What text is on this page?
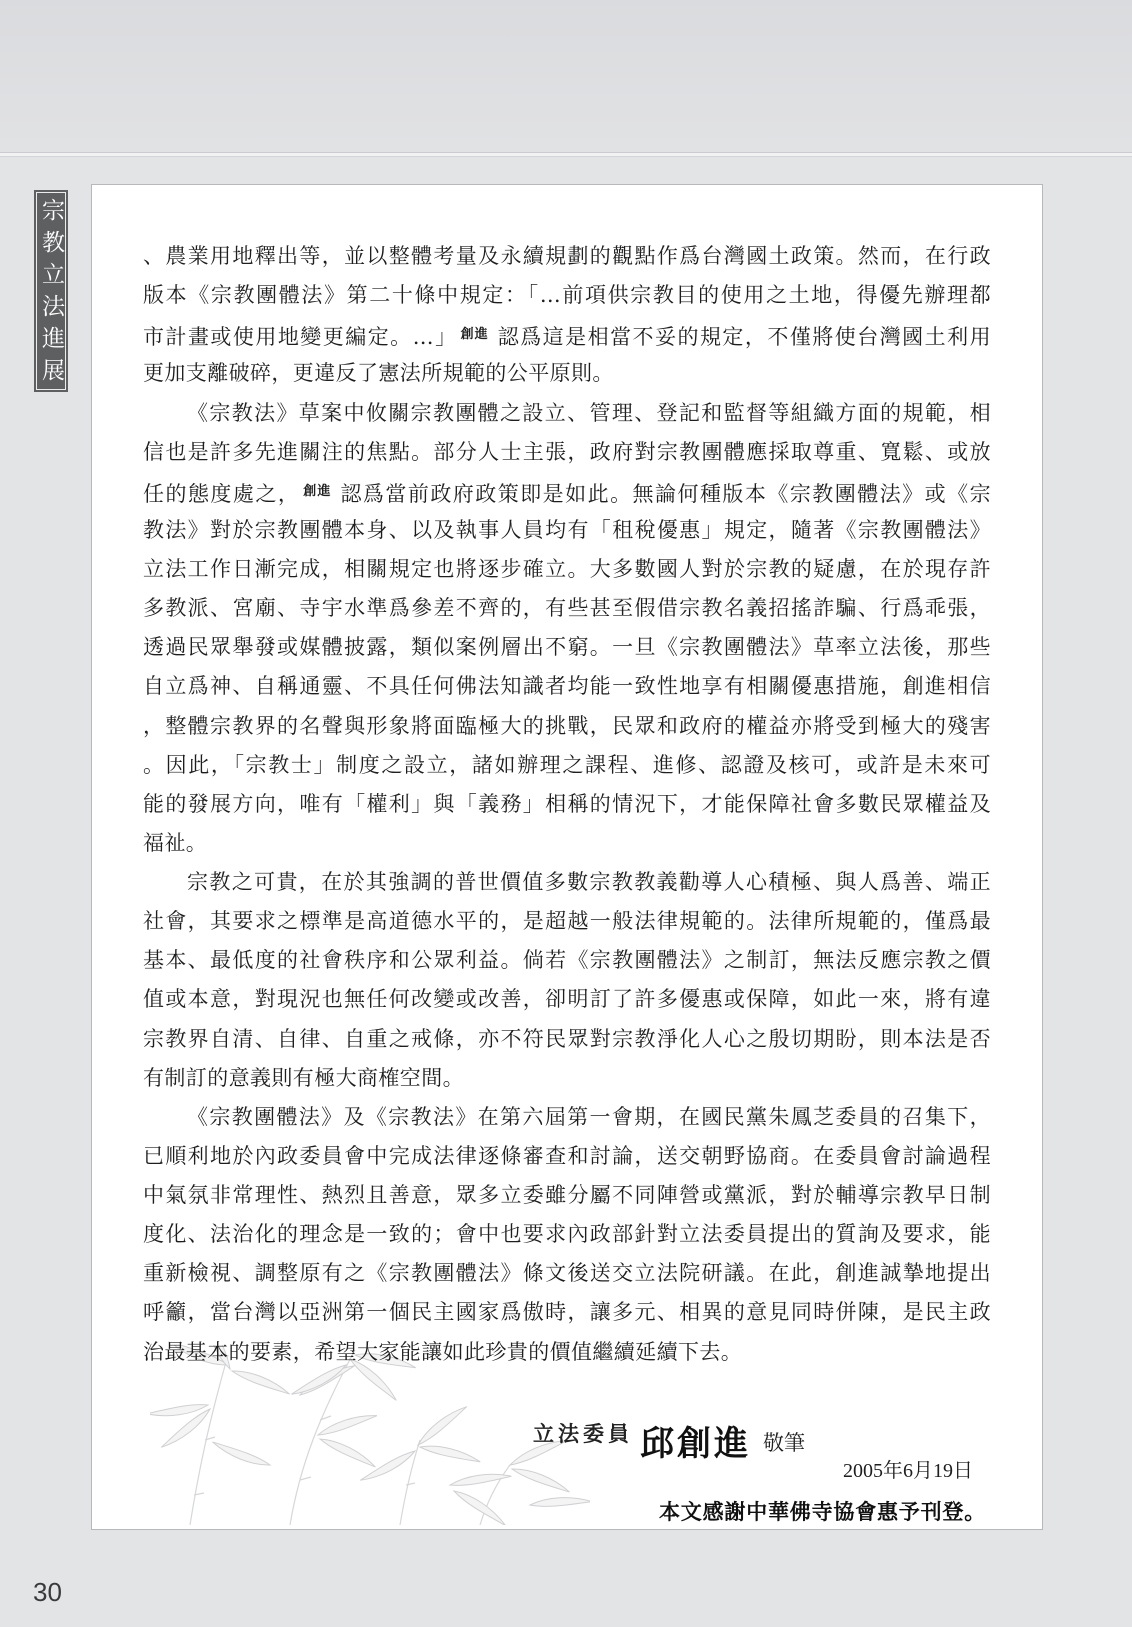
宗教立法進展	、農業用地釋出等，並以整體考量及永續規劃的觀點作爲台灣國土政策。然而，在行政
版本《宗教團體法》第二十條中規定：「…前項供宗教目的使用之土地，得優先辦理都
市計畫或使用地變更編定。…」 $^{創進}$ 認爲這是相當不妥的規定，不僅將使台灣國土利用
更加支離破碎，更違反了憲法所規範的公平原則。
《宗教法》草案中攸關宗教團體之設立、管理、登記和監督等組織方面的規範，相
信也是許多先進關注的焦點。部分人士主張，政府對宗教團體應採取尊重、寬鬆、或放
任的態度處之， $^{創進}$ 認爲當前政府政策即是如此。無論何種版本《宗教團體法》或《宗
教法》對於宗教團體本身、以及執事人員均有「租稅優惠」規定，隨著《宗教團體法》
立法工作日漸完成，相關規定也將逐步確立。大多數國人對於宗教的疑慮，在於現存許
多教派、宮廟、寺宇水準爲參差不齊的，有些甚至假借宗教名義招搖詐騙、行爲乖張，
透過民眾舉發或媒體披露，類似案例層出不窮。一旦《宗教團體法》草率立法後，那些
自立爲神、自稱通靈、不具任何佛法知識者均能一致性地享有相關優惠措施，創進相信
，整體宗教界的名聲與形象將面臨極大的挑戰，民眾和政府的權益亦將受到極大的殘害
。因此，「宗教士」制度之設立，諸如辦理之課程、進修、認證及核可，或許是未來可
能的發展方向，唯有「權利」與「義務」相稱的情況下，才能保障社會多數民眾權益及
福祉。
宗教之可貴，在於其強調的普世價值多數宗教教義勸導人心積極、與人爲善、端正
社會，其要求之標準是高道德水平的，是超越一般法律規範的。法律所規範的，僅爲最
基本、最低度的社會秩序和公眾利益。倘若《宗教團體法》之制訂，無法反應宗教之價
值或本意，對現況也無任何改變或改善，卻明訂了許多優惠或保障，如此一來，將有違
宗教界自清、自律、自重之戒條，亦不符民眾對宗教淨化人心之殷切期盼，則本法是否
有制訂的意義則有極大商榷空間。
《宗教團體法》及《宗教法》在第六屆第一會期，在國民黨朱鳳芝委員的召集下，
已順利地於內政委員會中完成法律逐條審查和討論，送交朝野協商。在委員會討論過程
中氣氛非常理性、熱烈且善意，眾多立委雖分屬不同陣營或黨派，對於輔導宗教早日制
度化、法治化的理念是一致的；會中也要求內政部針對立法委員提出的質詢及要求，能
重新檢視、調整原有之《宗教團體法》條文後送交立法院研議。在此，創進誠摯地提出
呼籲，當台灣以亞洲第一個民主國家爲傲時，讓多元、相異的意見同時併陳，是民主政
治最基本的要素，希望大家能讓如此珍貴的價值繼續延續下去。
立法委員 邱創進 敬筆
2005年6月19日
本文感謝中華佛寺協會惠予刊登。
30
